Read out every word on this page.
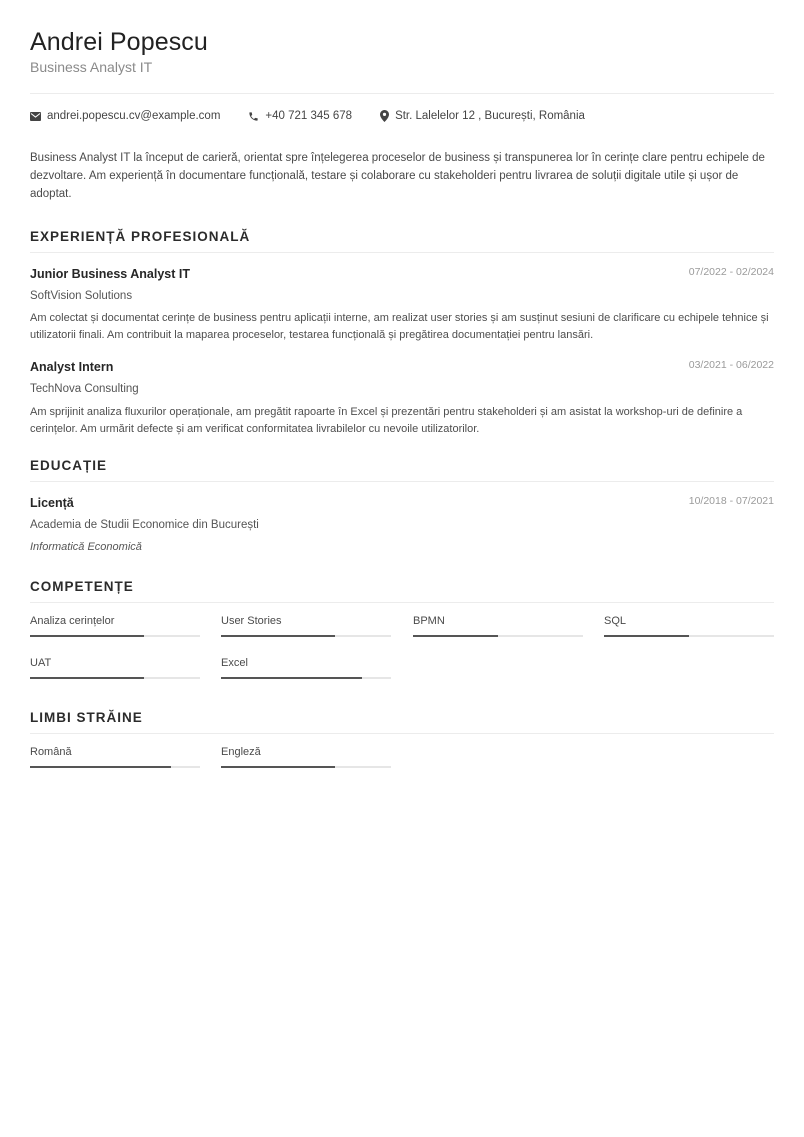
Andrei Popescu
Business Analyst IT
andrei.popescu.cv@example.com	+40 721 345 678	Str. Lalelelor 12 , București, România

Business Analyst IT la început de carieră, orientat spre înțelegerea proceselor de business și transpunerea lor în cerințe clare pentru echipele de dezvoltare. Am experiență în documentare funcțională, testare și colaborare cu stakeholderi pentru livrarea de soluții digitale utile și ușor de adoptat.

EXPERIENȚĂ PROFESIONALĂ
Junior Business Analyst IT	07/2022 - 02/2024
SoftVision Solutions

Am colectat și documentat cerințe de business pentru aplicații interne, am realizat user stories și am susținut sesiuni de clarificare cu echipele tehnice și utilizatorii finali. Am contribuit la maparea proceselor, testarea funcțională și pregătirea documentației pentru lansări.

Analyst Intern	03/2021 - 06/2022
TechNova Consulting

Am sprijinit analiza fluxurilor operaționale, am pregătit rapoarte în Excel și prezentări pentru stakeholderi și am asistat la workshop-uri de definire a cerințelor. Am urmărit defecte și am verificat conformitatea livrabilelor cu nevoile utilizatorilor.

EDUCAȚIE
Licență	10/2018 - 07/2021
Academia de Studii Economice din București
Informatică Economică
COMPETENȚE
Analiza cerințelor	User Stories	BPMN	SQL
UAT	Excel
LIMBI STRĂINE
Română	Engleză
